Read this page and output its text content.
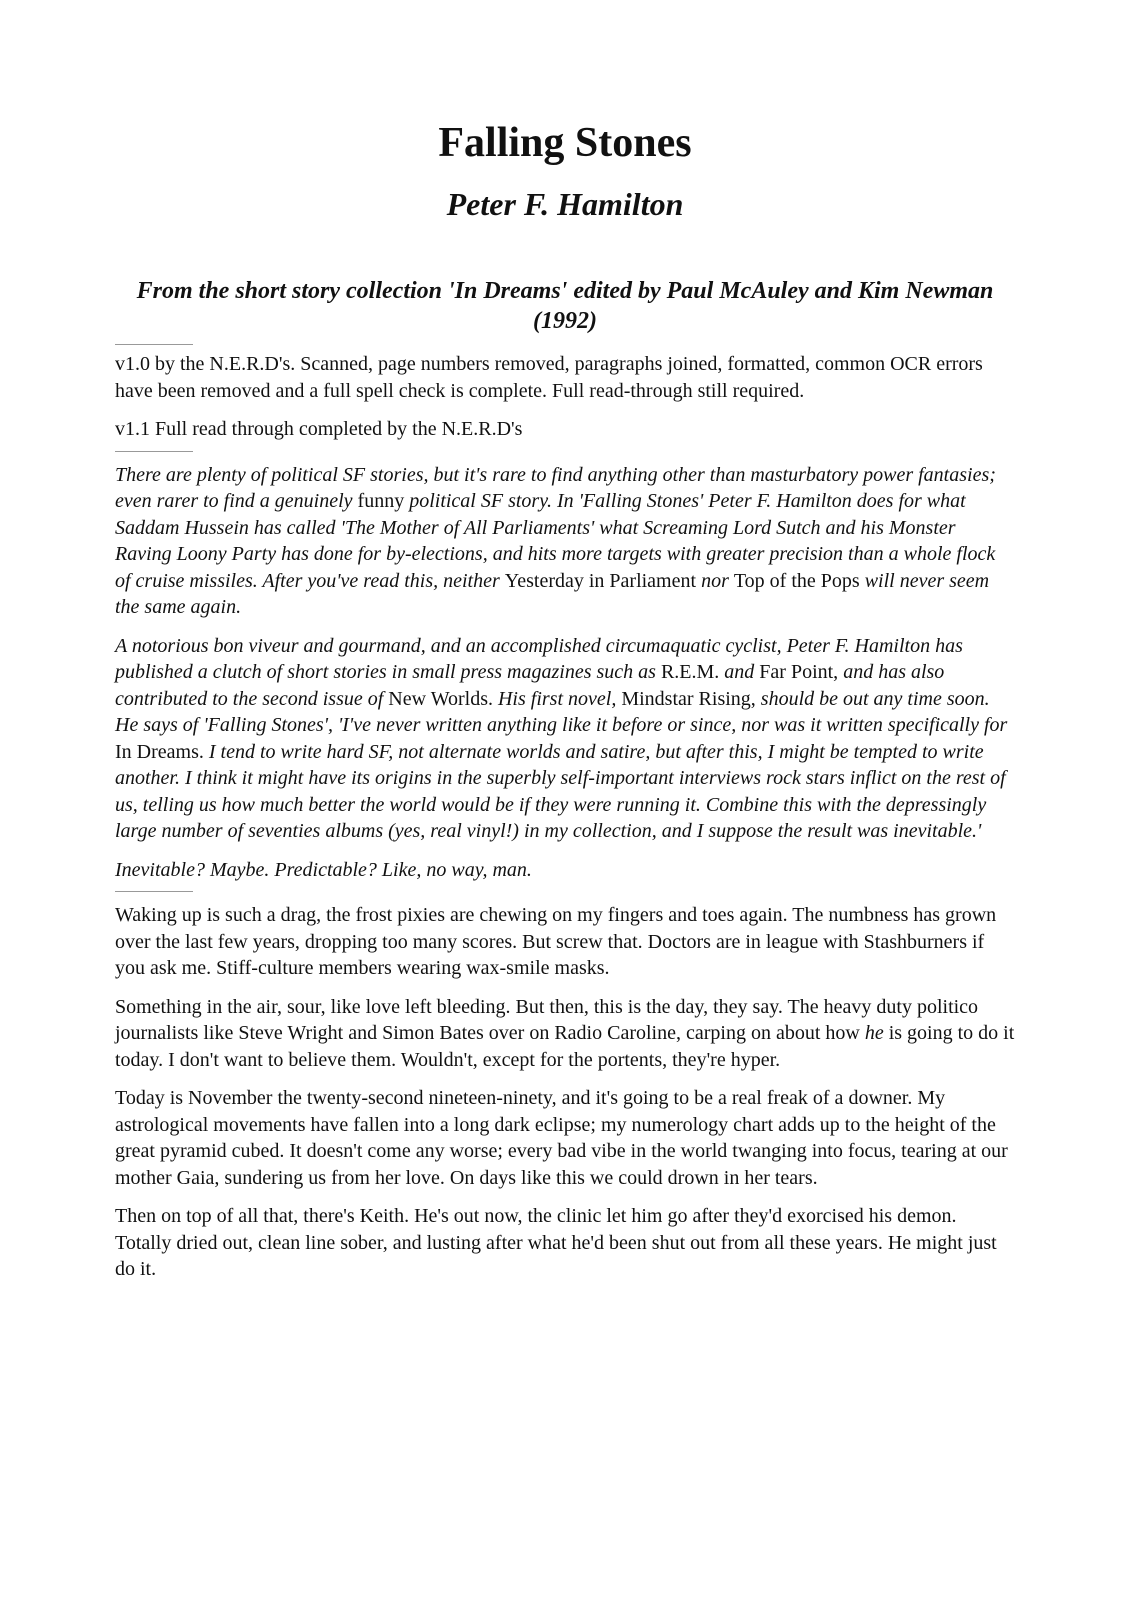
Falling Stones
Peter F. Hamilton
From the short story collection 'In Dreams' edited by Paul McAuley and Kim Newman (1992)

v1.0 by the N.E.R.D's. Scanned, page numbers removed, paragraphs joined, formatted, common OCR errors have been removed and a full spell check is complete. Full read-through still required.

v1.1 Full read through completed by the N.E.R.D's

There are plenty of political SF stories, but it's rare to find anything other than masturbatory power fantasies; even rarer to find a genuinely funny political SF story. In 'Falling Stones' Peter F. Hamilton does for what Saddam Hussein has called 'The Mother of All Parliaments' what Screaming Lord Sutch and his Monster Raving Loony Party has done for by-elections, and hits more targets with greater precision than a whole flock of cruise missiles. After you've read this, neither Yesterday in Parliament nor Top of the Pops will never seem the same again.

A notorious bon viveur and gourmand, and an accomplished circumaquatic cyclist, Peter F. Hamilton has published a clutch of short stories in small press magazines such as R.E.M. and Far Point, and has also contributed to the second issue of New Worlds. His first novel, Mindstar Rising, should be out any time soon. He says of 'Falling Stones', 'I've never written anything like it before or since, nor was it written specifically for In Dreams. I tend to write hard SF, not alternate worlds and satire, but after this, I might be tempted to write another. I think it might have its origins in the superbly self-important interviews rock stars inflict on the rest of us, telling us how much better the world would be if they were running it. Combine this with the depressingly large number of seventies albums (yes, real vinyl!) in my collection, and I suppose the result was inevitable.'

Inevitable? Maybe. Predictable? Like, no way, man.

Waking up is such a drag, the frost pixies are chewing on my fingers and toes again. The numbness has grown over the last few years, dropping too many scores. But screw that. Doctors are in league with Stashburners if you ask me. Stiff-culture members wearing wax-smile masks.

Something in the air, sour, like love left bleeding. But then, this is the day, they say. The heavy duty politico journalists like Steve Wright and Simon Bates over on Radio Caroline, carping on about how he is going to do it today. I don't want to believe them. Wouldn't, except for the portents, they're hyper.

Today is November the twenty-second nineteen-ninety, and it's going to be a real freak of a downer. My astrological movements have fallen into a long dark eclipse; my numerology chart adds up to the height of the great pyramid cubed. It doesn't come any worse; every bad vibe in the world twanging into focus, tearing at our mother Gaia, sundering us from her love. On days like this we could drown in her tears.

Then on top of all that, there's Keith. He's out now, the clinic let him go after they'd exorcised his demon. Totally dried out, clean line sober, and lusting after what he'd been shut out from all these years. He might just do it.
